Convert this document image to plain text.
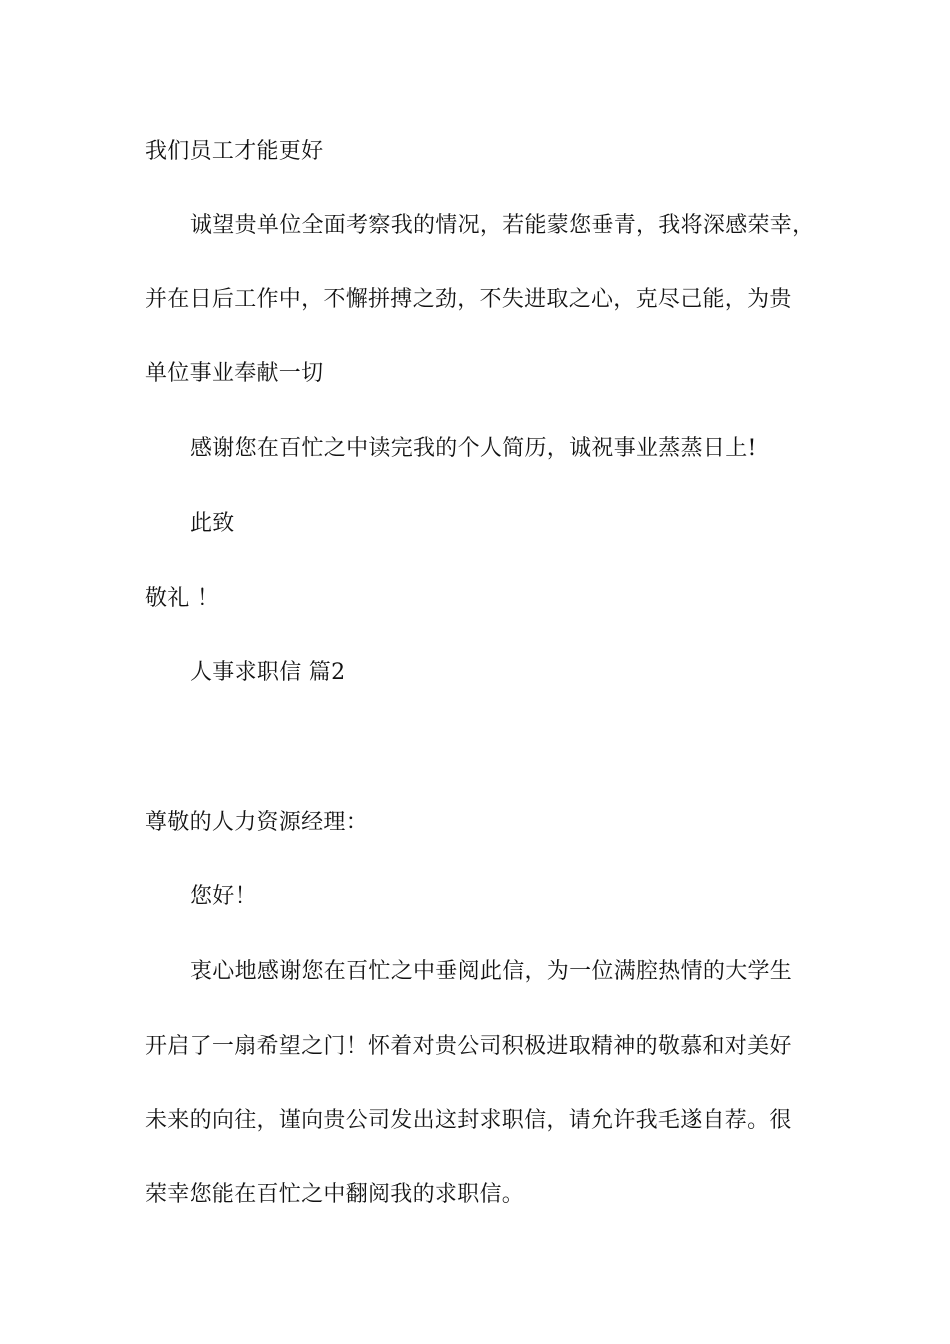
我们员工才能更好
诚望贵单位全面考察我的情况，若能蒙您垂青，我将深感荣幸，
并在日后工作中，不懈拼搏之劲，不失进取之心，克尽己能，为贵
单位事业奉献一切
感谢您在百忙之中读完我的个人简历，诚祝事业蒸蒸日上!
此致
敬礼 ！
人事求职信 篇2
尊敬的人力资源经理：
您好！
衷心地感谢您在百忙之中垂阅此信，为一位满腔热情的大学生
开启了一扇希望之门！怀着对贵公司积极进取精神的敬慕和对美好
未来的向往，谨向贵公司发出这封求职信，请允许我毛遂自荐。很
荣幸您能在百忙之中翻阅我的求职信。
